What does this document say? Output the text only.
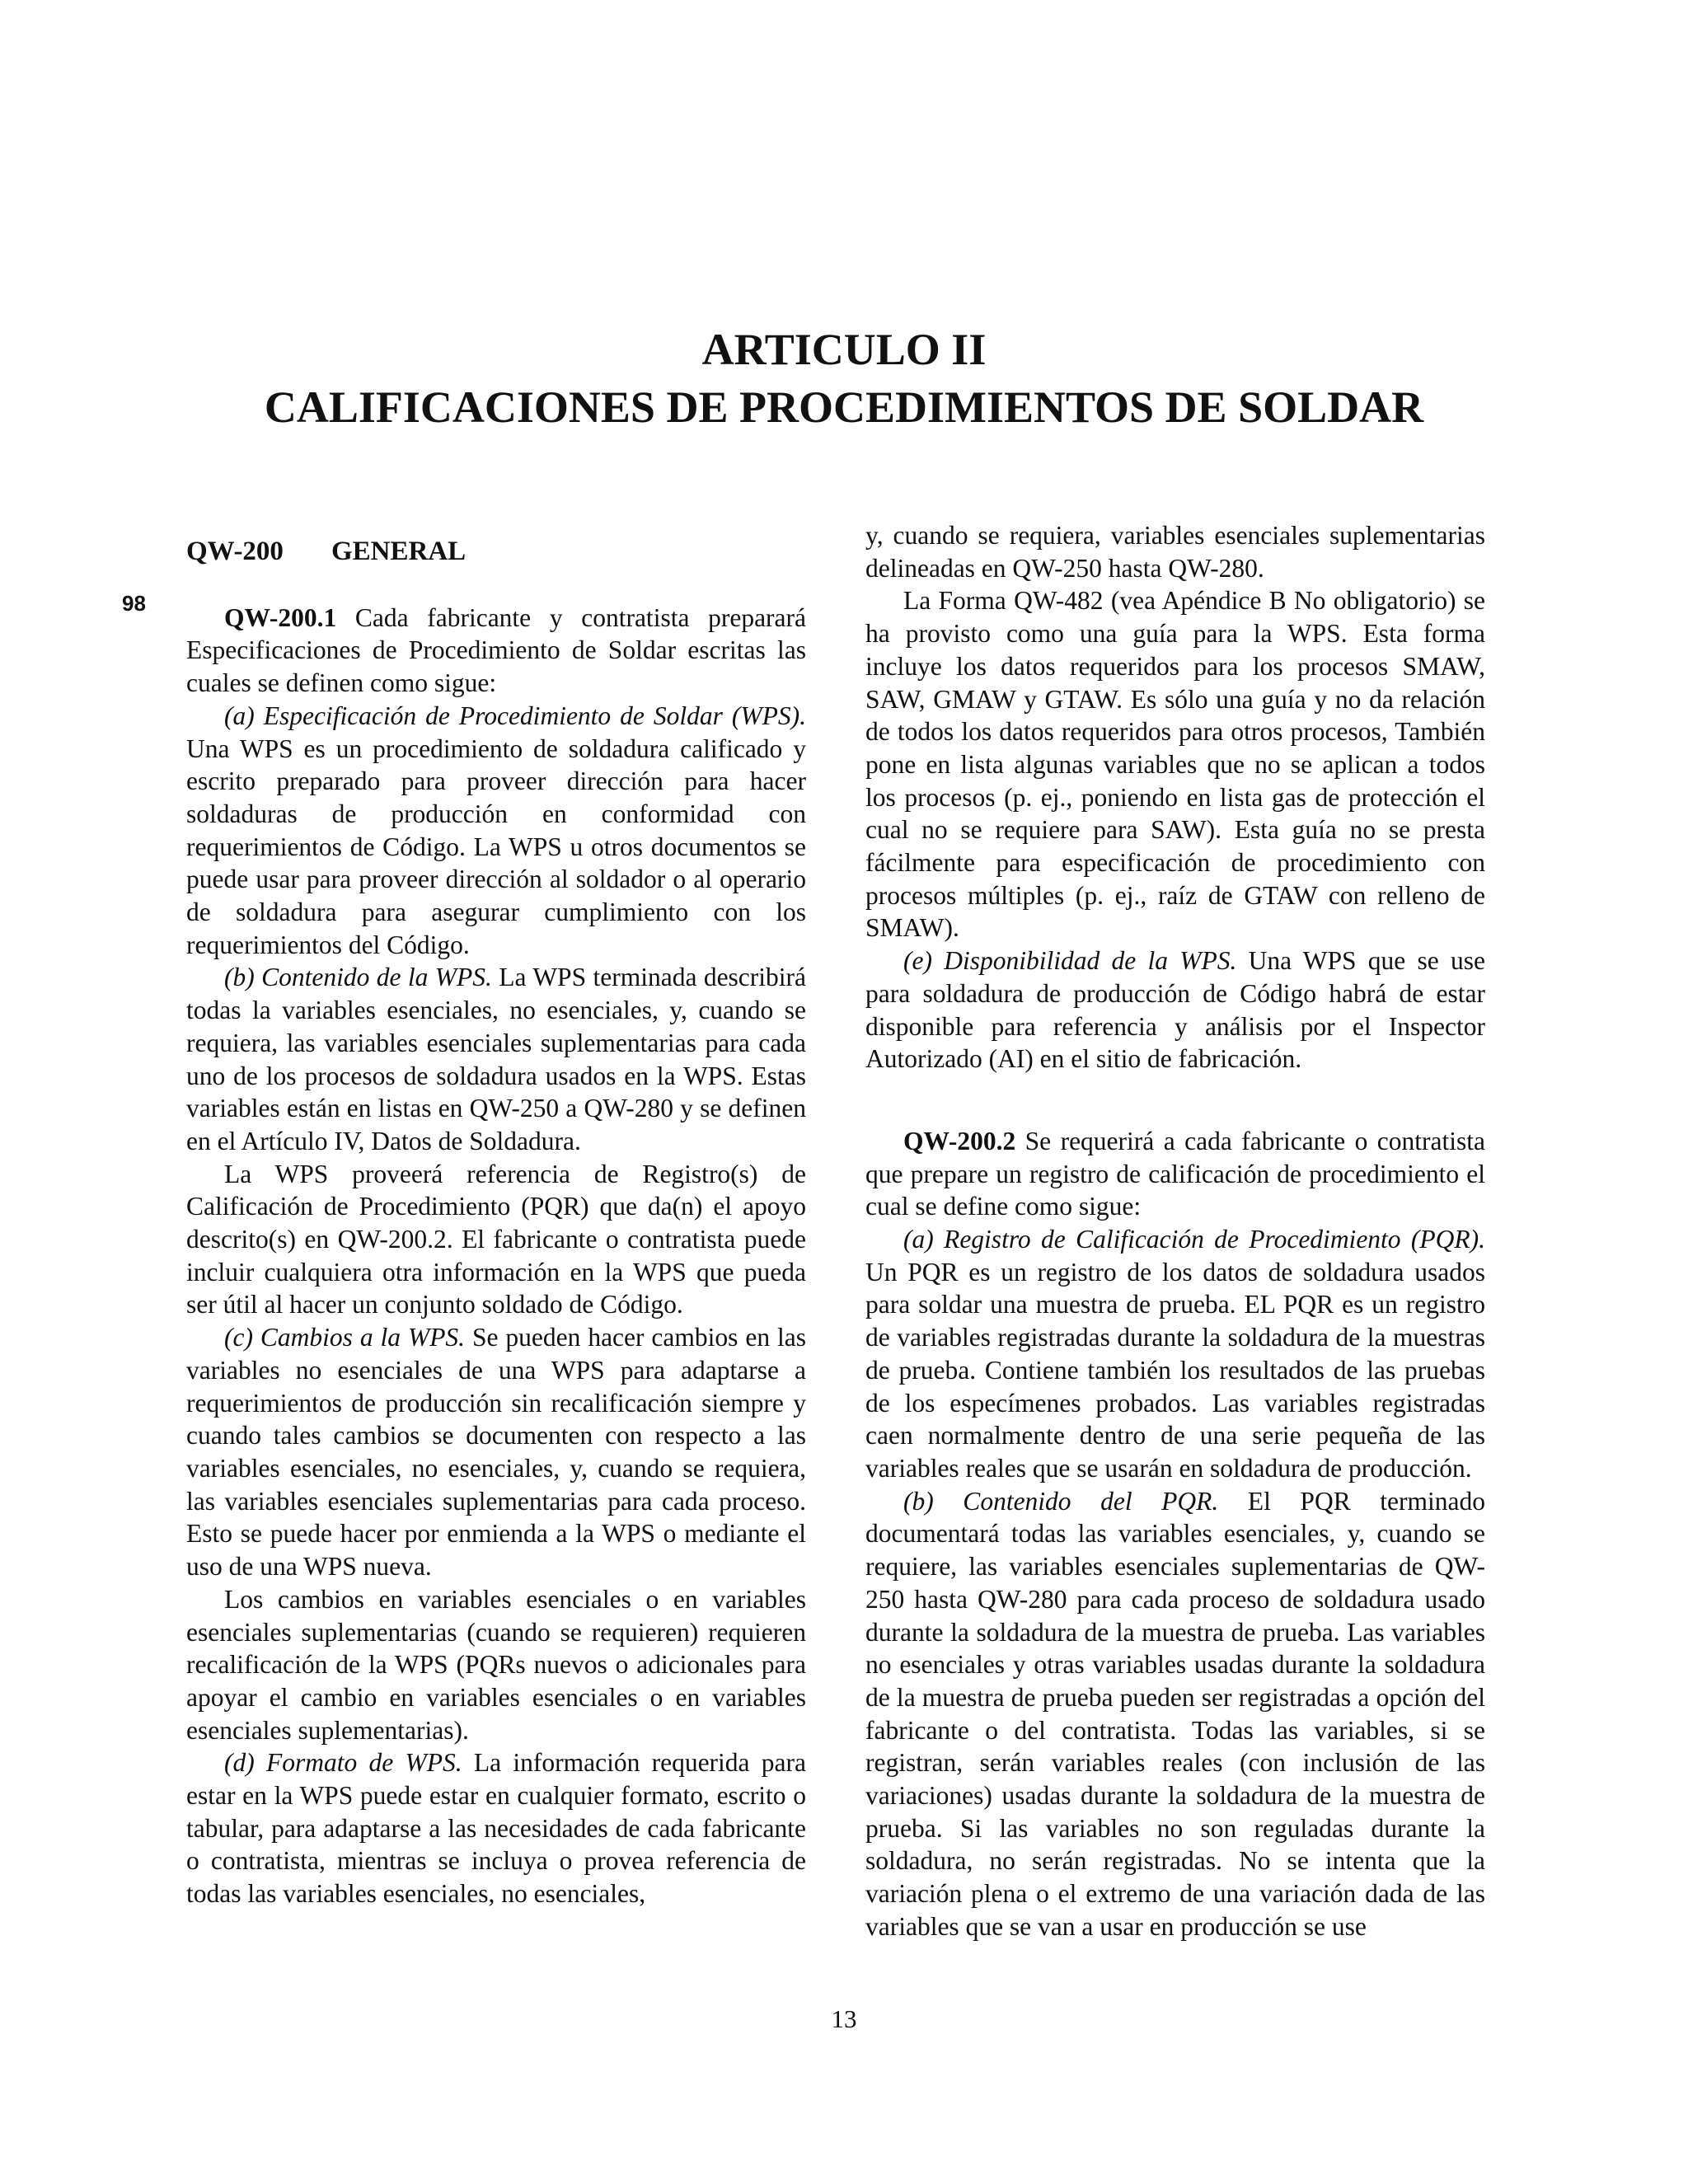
ARTICULO II
CALIFICACIONES DE PROCEDIMIENTOS DE SOLDAR
98

QW-200 GENERAL

QW-200.1 Cada fabricante y contratista preparará Especificaciones de Procedimiento de Soldar escritas las cuales se definen como sigue:

(a) Especificación de Procedimiento de Soldar (WPS). Una WPS es un procedimiento de soldadura calificado y escrito preparado para proveer dirección para hacer soldaduras de producción en conformidad con requerimientos de Código. La WPS u otros documentos se puede usar para proveer dirección al soldador o al operario de soldadura para asegurar cumplimiento con los requerimientos del Código.

(b) Contenido de la WPS. La WPS terminada describirá todas la variables esenciales, no esenciales, y, cuando se requiera, las variables esenciales suplementarias para cada uno de los procesos de soldadura usados en la WPS. Estas variables están en listas en QW-250 a QW-280 y se definen en el Artículo IV, Datos de Soldadura.

La WPS proveerá referencia de Registro(s) de Calificación de Procedimiento (PQR) que da(n) el apoyo descrito(s) en QW-200.2. El fabricante o contratista puede incluir cualquiera otra información en la WPS que pueda ser útil al hacer un conjunto soldado de Código.

(c) Cambios a la WPS. Se pueden hacer cambios en las variables no esenciales de una WPS para adaptarse a requerimientos de producción sin recalificación siempre y cuando tales cambios se documenten con respecto a las variables esenciales, no esenciales, y, cuando se requiera, las variables esenciales suplementarias para cada proceso. Esto se puede hacer por enmienda a la WPS o mediante el uso de una WPS nueva.

Los cambios en variables esenciales o en variables esenciales suplementarias (cuando se requieren) requieren recalificación de la WPS (PQRs nuevos o adicionales para apoyar el cambio en variables esenciales o en variables esenciales suplementarias).

(d) Formato de WPS. La información requerida para estar en la WPS puede estar en cualquier formato, escrito o tabular, para adaptarse a las necesidades de cada fabricante o contratista, mientras se incluya o provea referencia de todas las variables esenciales, no esenciales,

y, cuando se requiera, variables esenciales suplementarias delineadas en QW-250 hasta QW-280.

La Forma QW-482 (vea Apéndice B No obligatorio) se ha provisto como una guía para la WPS. Esta forma incluye los datos requeridos para los procesos SMAW, SAW, GMAW y GTAW. Es sólo una guía y no da relación de todos los datos requeridos para otros procesos, También pone en lista algunas variables que no se aplican a todos los procesos (p. ej., poniendo en lista gas de protección el cual no se requiere para SAW). Esta guía no se presta fácilmente para especificación de procedimiento con procesos múltiples (p. ej., raíz de GTAW con relleno de SMAW).

(e) Disponibilidad de la WPS. Una WPS que se use para soldadura de producción de Código habrá de estar disponible para referencia y análisis por el Inspector Autorizado (AI) en el sitio de fabricación.

QW-200.2 Se requerirá a cada fabricante o contratista que prepare un registro de calificación de procedimiento el cual se define como sigue:

(a) Registro de Calificación de Procedimiento (PQR). Un PQR es un registro de los datos de soldadura usados para soldar una muestra de prueba. EL PQR es un registro de variables registradas durante la soldadura de la muestras de prueba. Contiene también los resultados de las pruebas de los especímenes probados. Las variables registradas caen normalmente dentro de una serie pequeña de las variables reales que se usarán en soldadura de producción.

(b) Contenido del PQR. El PQR terminado documentará todas las variables esenciales, y, cuando se requiere, las variables esenciales suplementarias de QW-250 hasta QW-280 para cada proceso de soldadura usado durante la soldadura de la muestra de prueba. Las variables no esenciales y otras variables usadas durante la soldadura de la muestra de prueba pueden ser registradas a opción del fabricante o del contratista. Todas las variables, si se registran, serán variables reales (con inclusión de las variaciones) usadas durante la soldadura de la muestra de prueba. Si las variables no son reguladas durante la soldadura, no serán registradas. No se intenta que la variación plena o el extremo de una variación dada de las variables que se van a usar en producción se use

13
